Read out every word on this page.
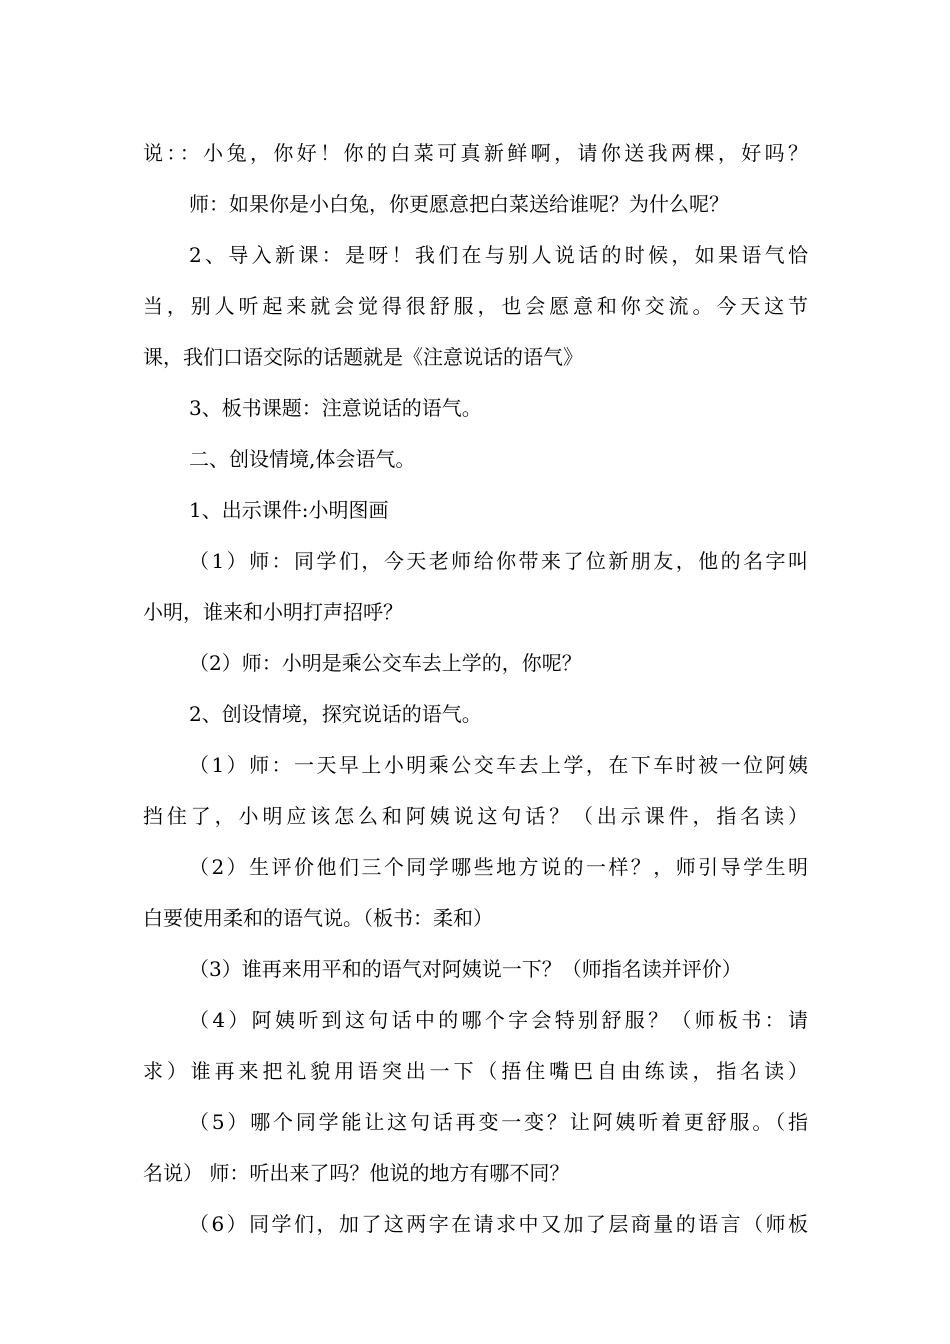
说：：小兔，你好！你的白菜可真新鲜啊，请你送我两棵，好吗？
师：如果你是小白兔，你更愿意把白菜送给谁呢？为什么呢？
2、导入新课：是呀！我们在与别人说话的时候，如果语气恰
当，别人听起来就会觉得很舒服，也会愿意和你交流。今天这节
课，我们口语交际的话题就是《注意说话的语气》
3、板书课题：注意说话的语气。
二、创设情境,体会语气。
1、出示课件:小明图画
（1）师：同学们，今天老师给你带来了位新朋友，他的名字叫
小明，谁来和小明打声招呼？
（2）师：小明是乘公交车去上学的，你呢？
2、创设情境，探究说话的语气。
（1）师：一天早上小明乘公交车去上学，在下车时被一位阿姨
挡住了，小明应该怎么和阿姨说这句话？（出示课件，指名读）
（2）生评价他们三个同学哪些地方说的一样？，师引导学生明
白要使用柔和的语气说。（板书：柔和）
（3）谁再来用平和的语气对阿姨说一下？（师指名读并评价）
（4）阿姨听到这句话中的哪个字会特别舒服？（师板书：请
求）谁再来把礼貌用语突出一下（捂住嘴巴自由练读，指名读）
（5）哪个同学能让这句话再变一变？让阿姨听着更舒服。（指
名说） 师：听出来了吗？他说的地方有哪不同？
（6）同学们，加了这两字在请求中又加了层商量的语言（师板
